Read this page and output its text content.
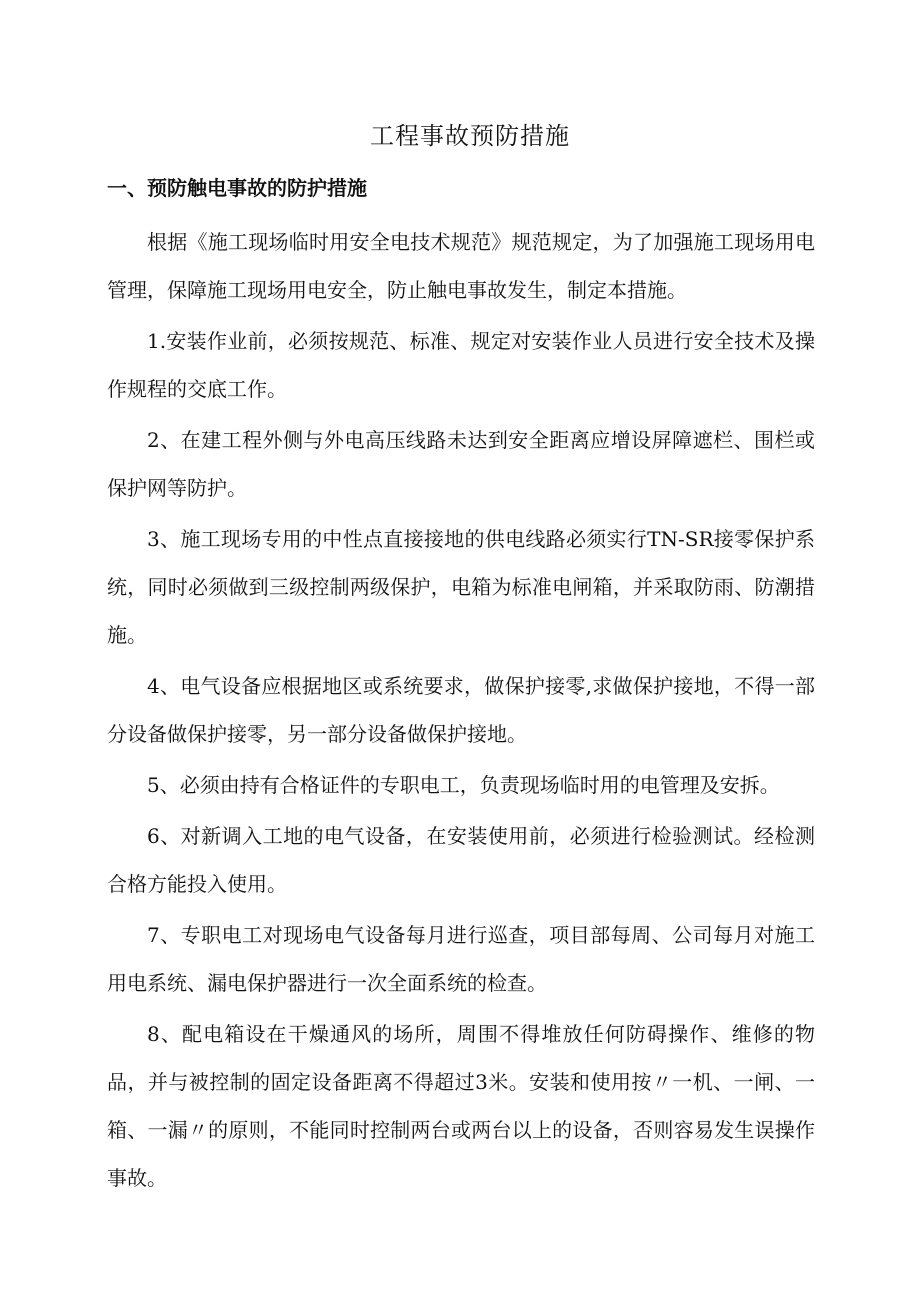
工程事故预防措施
一、预防触电事故的防护措施

根据《施工现场临时用安全电技术规范》规范规定，为了加强施工现场用电管理，保障施工现场用电安全，防止触电事故发生，制定本措施。

1.安装作业前，必须按规范、标准、规定对安装作业人员进行安全技术及操作规程的交底工作。

2、在建工程外侧与外电高压线路未达到安全距离应增设屏障遮栏、围栏或保护网等防护。

3、施工现场专用的中性点直接接地的供电线路必须实行TN-SR接零保护系统，同时必须做到三级控制两级保护，电箱为标准电闸箱，并采取防雨、防潮措施。

4、电气设备应根据地区或系统要求，做保护接零,求做保护接地，不得一部分设备做保护接零，另一部分设备做保护接地。

5、必须由持有合格证件的专职电工，负责现场临时用的电管理及安拆。

6、对新调入工地的电气设备，在安装使用前，必须进行检验测试。经检测合格方能投入使用。

7、专职电工对现场电气设备每月进行巡查，项目部每周、公司每月对施工用电系统、漏电保护器进行一次全面系统的检查。

8、配电箱设在干燥通风的场所，周围不得堆放任何防碍操作、维修的物品，并与被控制的固定设备距离不得超过3米。安装和使用按〃一机、一闸、一箱、一漏〃的原则，不能同时控制两台或两台以上的设备，否则容易发生误操作事故。
